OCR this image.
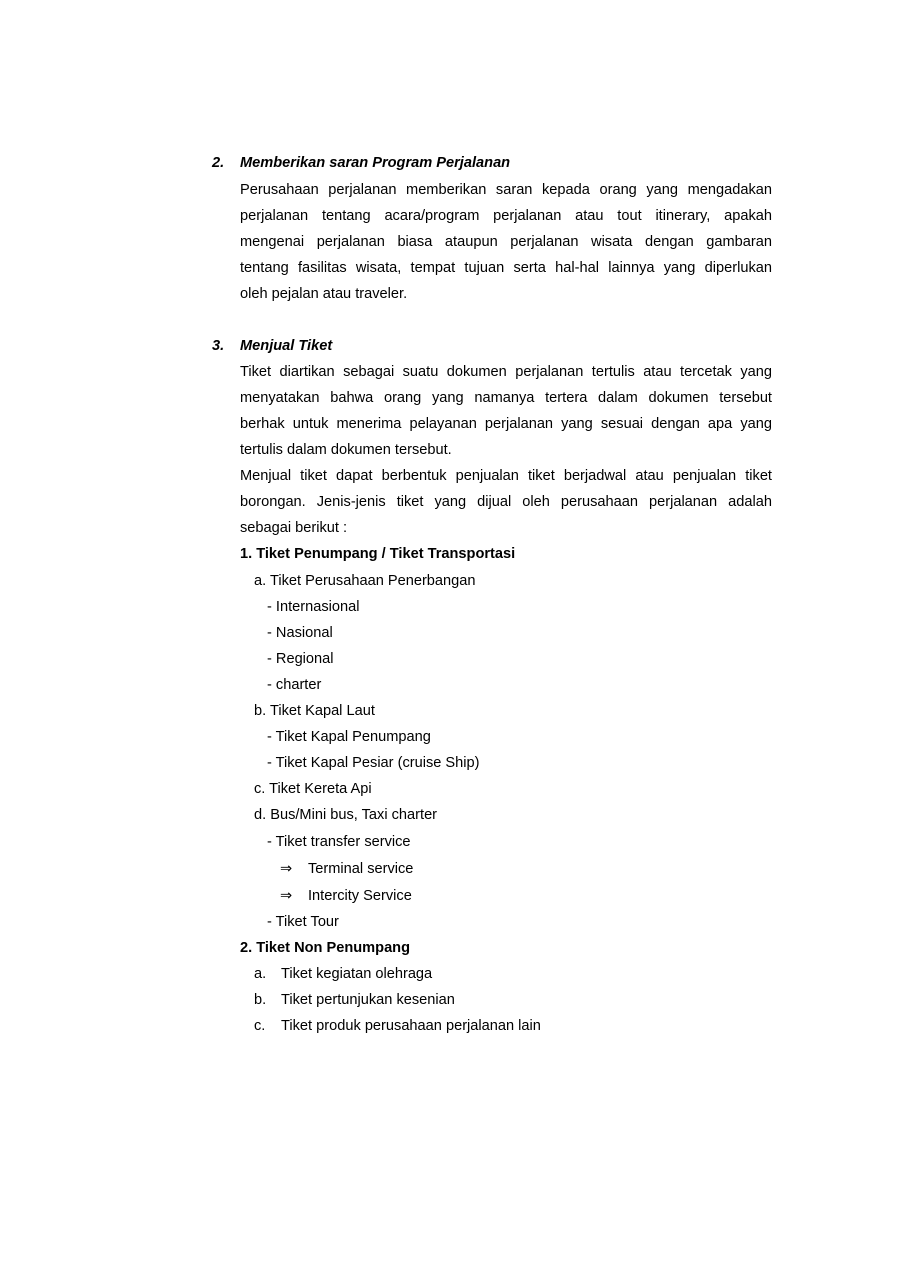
2. Memberikan saran Program Perjalanan
Perusahaan perjalanan memberikan saran kepada orang yang mengadakan
perjalanan tentang acara/program perjalanan atau tout itinerary, apakah
mengenai perjalanan biasa ataupun perjalanan wisata dengan gambaran
tentang fasilitas wisata, tempat tujuan serta hal-hal lainnya yang diperlukan
oleh pejalan atau traveler.
3. Menjual Tiket
Tiket diartikan sebagai suatu dokumen perjalanan tertulis atau tercetak yang
menyatakan bahwa orang yang namanya tertera dalam dokumen tersebut
berhak untuk menerima pelayanan perjalanan yang sesuai dengan apa yang
tertulis dalam dokumen tersebut.
Menjual tiket dapat berbentuk penjualan tiket berjadwal atau penjualan tiket
borongan. Jenis-jenis tiket yang dijual oleh perusahaan perjalanan adalah
sebagai berikut :
1. Tiket Penumpang / Tiket Transportasi
a. Tiket Perusahaan Penerbangan
- Internasional
- Nasional
- Regional
- charter
b. Tiket Kapal Laut
- Tiket Kapal Penumpang
- Tiket Kapal Pesiar (cruise Ship)
c. Tiket Kereta Api
d. Bus/Mini bus, Taxi charter
- Tiket transfer service
⇒ Terminal service
⇒ Intercity Service
- Tiket Tour
2. Tiket Non Penumpang
a. Tiket kegiatan olehraga
b. Tiket pertunjukan kesenian
c. Tiket produk perusahaan perjalanan lain
